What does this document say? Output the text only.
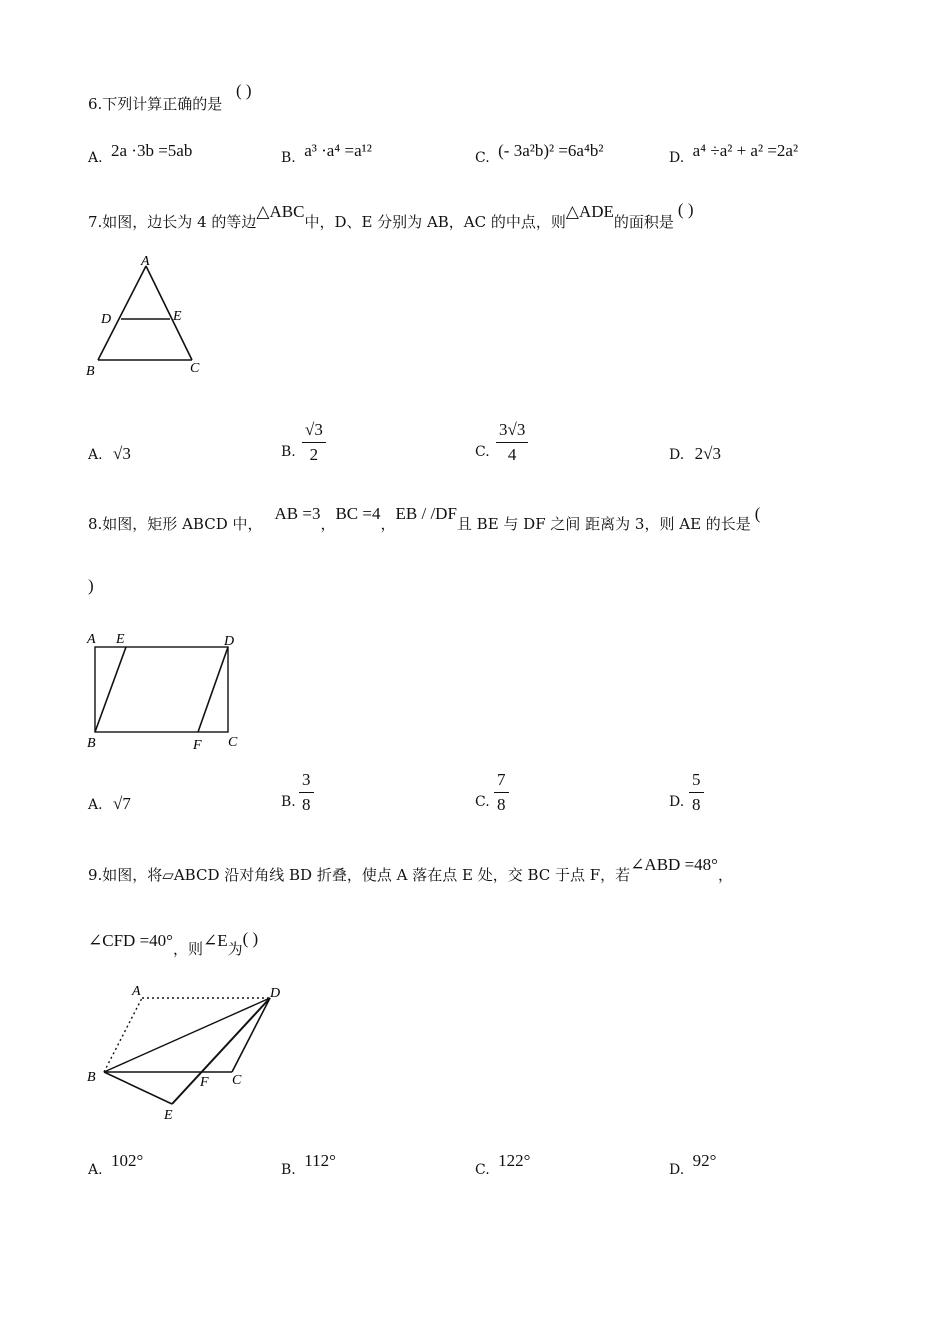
6.下列计算正确的是
( )
A. 2a ·3b =5ab	B. a³ ·a⁴ =a¹²	C. (- 3a²b)² =6a⁴b²	D. a⁴ ÷a² + a² =2a²
7.如图，边长为 4 的等边△ABC中，D、E 分别为 AB，AC 的中点，则△ADE的面积是( )
A
D	E
B	C
A. √3	B.
√3
2	C.
3√3
4	D. 2√3
8.如图，矩形 ABCD 中，AB =3，BC =4，EB / /DF且 BE 与 DF 之间 距离为 3，则 AE 的长是(
)
A E	D
B	F C
A. √7	B.
3
8	C.
7
8	D.
5
8
9.如图，将▱ABCD 沿对角线 BD 折叠，使点 A 落在点 E 处，交 BC 于点 F，若∠ABD =48°，
∠CFD =40°，则∠E为( )
A	D
B	F C
E
A. 102°	B. 112°	C. 122°	D. 92°
